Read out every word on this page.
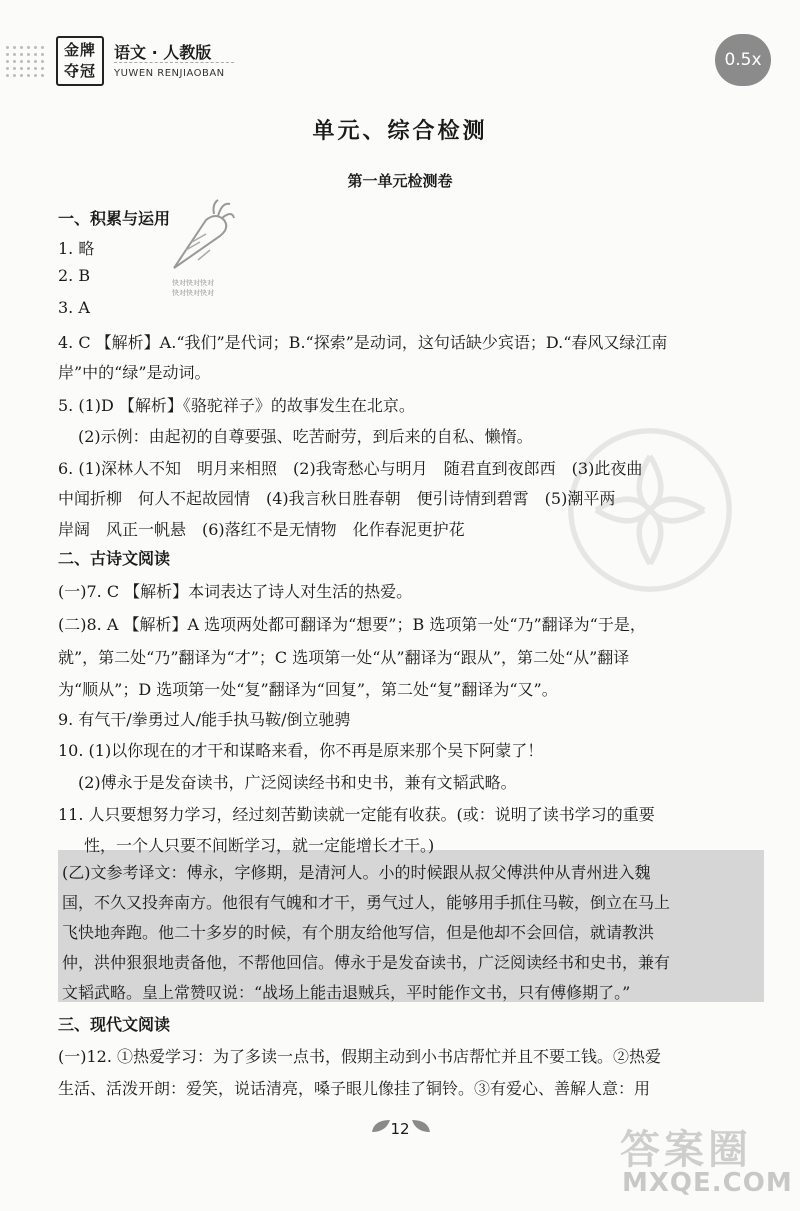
金牌
夺冠
语文 · 人教版
YUWEN RENJIAOBAN
0.5x
单元、综合检测
第一单元检测卷
快对快对快对
快对快对快对
一、积累与运用
1. 略
2. B
3. A
4. C 【解析】A.“我们”是代词；B.“探索”是动词，这句话缺少宾语；D.“春风又绿江南
岸”中的“绿”是动词。
5. (1)D 【解析】《骆驼祥子》的故事发生在北京。
(2)示例：由起初的自尊要强、吃苦耐劳，到后来的自私、懒惰。
6. (1)深林人不知　明月来相照　(2)我寄愁心与明月　随君直到夜郎西　(3)此夜曲
中闻折柳　何人不起故园情　(4)我言秋日胜春朝　便引诗情到碧霄　(5)潮平两
岸阔　风正一帆悬　(6)落红不是无情物　化作春泥更护花
二、古诗文阅读
(一)7. C 【解析】本词表达了诗人对生活的热爱。
(二)8. A 【解析】A 选项两处都可翻译为“想要”；B 选项第一处“乃”翻译为“于是，
就”，第二处“乃”翻译为“才”；C 选项第一处“从”翻译为“跟从”，第二处“从”翻译
为“顺从”；D 选项第一处“复”翻译为“回复”，第二处“复”翻译为“又”。
9. 有气干/拳勇过人/能手执马鞍/倒立驰骋
10. (1)以你现在的才干和谋略来看，你不再是原来那个吴下阿蒙了！
(2)傅永于是发奋读书，广泛阅读经书和史书，兼有文韬武略。
11. 人只要想努力学习，经过刻苦勤读就一定能有收获。(或：说明了读书学习的重要
性，一个人只要不间断学习，就一定能增长才干。)
(乙)文参考译文：傅永，字修期，是清河人。小的时候跟从叔父傅洪仲从青州进入魏
国，不久又投奔南方。他很有气魄和才干，勇气过人，能够用手抓住马鞍，倒立在马上
飞快地奔跑。他二十多岁的时候，有个朋友给他写信，但是他却不会回信，就请教洪
仲，洪仲狠狠地责备他，不帮他回信。傅永于是发奋读书，广泛阅读经书和史书，兼有
文韬武略。皇上常赞叹说：“战场上能击退贼兵，平时能作文书，只有傅修期了。”
三、现代文阅读
(一)12. ①热爱学习：为了多读一点书，假期主动到小书店帮忙并且不要工钱。②热爱
生活、活泼开朗：爱笑，说话清亮，嗓子眼儿像挂了铜铃。③有爱心、善解人意：用
12	答案圈
MXQE.COM
